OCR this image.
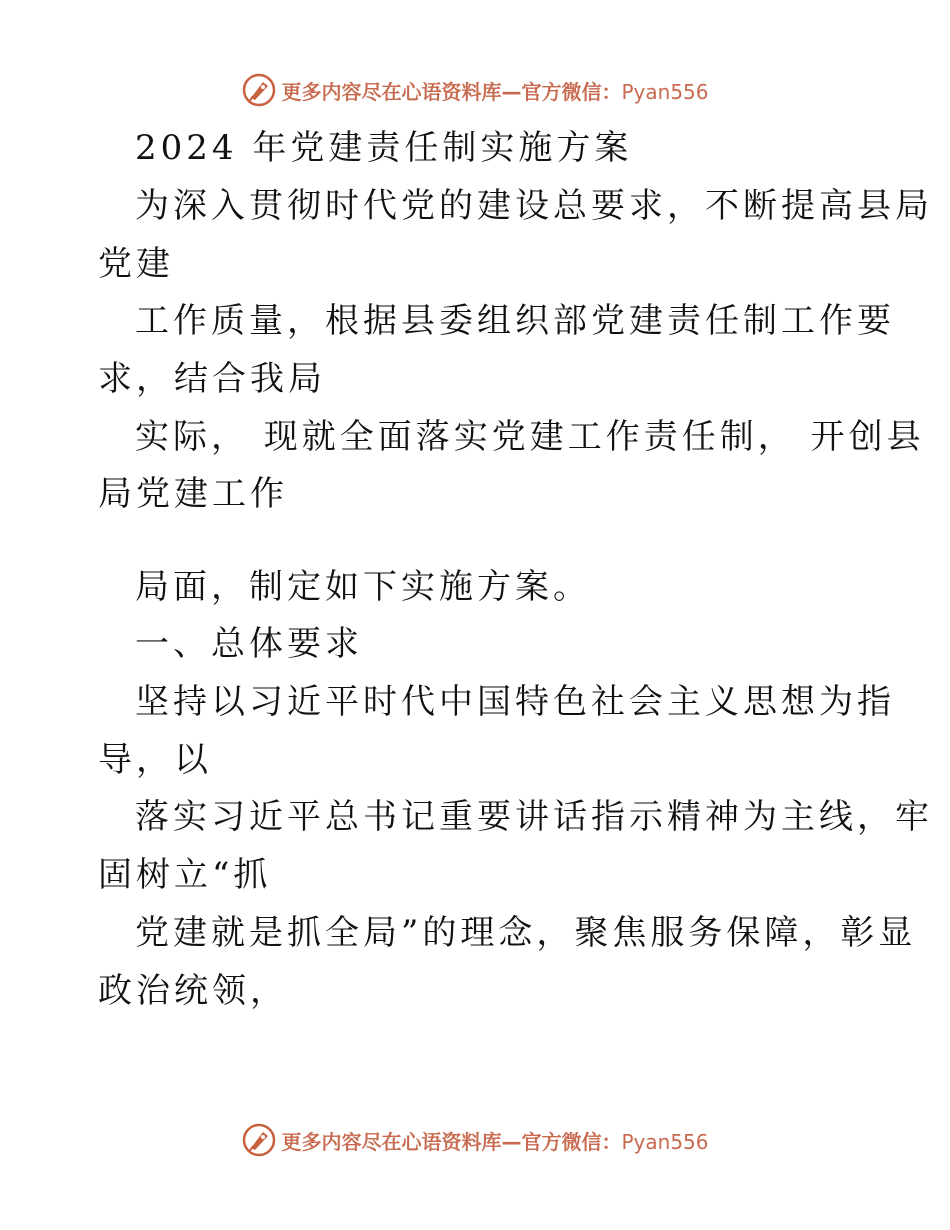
更多内容尽在心语资料库—官方微信：Pyan556
2024 年党建责任制实施方案
为深入贯彻时代党的建设总要求，不断提高县局
党建
工作质量，根据县委组织部党建责任制工作要
求，结合我局
实际， 现就全面落实党建工作责任制， 开创县
局党建工作
局面，制定如下实施方案。
一、总体要求
坚持以习近平时代中国特色社会主义思想为指
导，以
落实习近平总书记重要讲话指示精神为主线，牢
固树立“抓
党建就是抓全局”的理念，聚焦服务保障，彰显
政治统领，
更多内容尽在心语资料库—官方微信：Pyan556
